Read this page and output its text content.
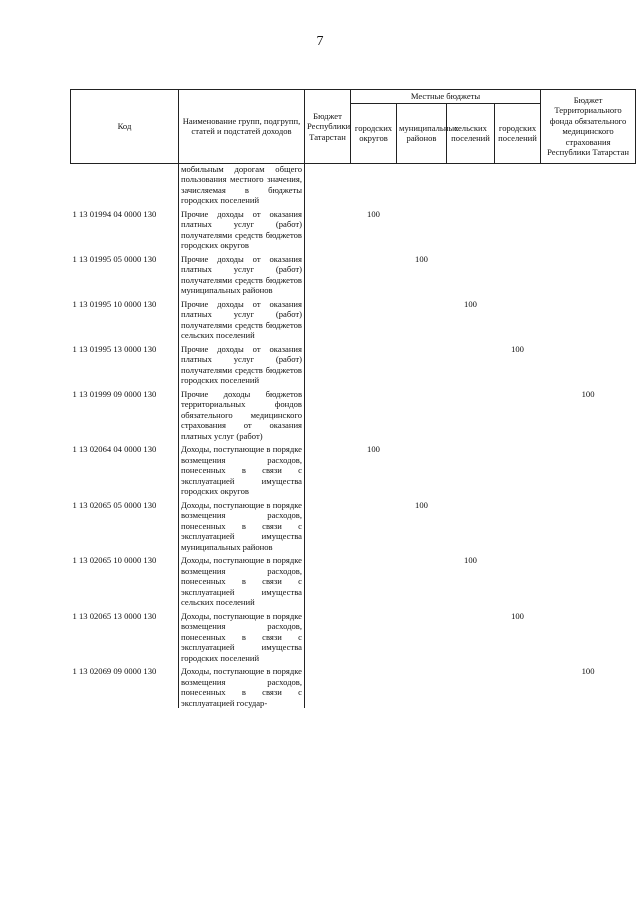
7
Код	Наименование групп, подгрупп, статей и подстатей доходов	Бюджет Республики Татарстан	Местные бюджеты				Бюджет Территориального фонда обязательного медицинского страхования Республики Татарстан
			городских округов	муниципальных районов	сельских поселений	городских поселений	
	мобильным дорогам общего пользования местного значения, зачисляемая в бюджеты городских поселений						
1 13 01994 04 0000 130	Прочие доходы от оказания платных услуг (работ) получателями средств бюджетов городских округов		100				
1 13 01995 05 0000 130	Прочие доходы от оказания платных услуг (работ) получателями средств бюджетов муниципальных районов			100			
1 13 01995 10 0000 130	Прочие доходы от оказания платных услуг (работ) получателями средств бюджетов сельских поселений				100		
1 13 01995 13 0000 130	Прочие доходы от оказания платных услуг (работ) получателями средств бюджетов городских поселений					100	
1 13 01999 09 0000 130	Прочие доходы бюджетов территориальных фондов обязательного медицинского страхования от оказания платных услуг (работ)						100
1 13 02064 04 0000 130	Доходы, поступающие в порядке возмещения расходов, понесенных в связи с эксплуатацией имущества городских округов		100				
1 13 02065 05 0000 130	Доходы, поступающие в порядке возмещения расходов, понесенных в связи с эксплуатацией имущества муниципальных районов			100			
1 13 02065 10 0000 130	Доходы, поступающие в порядке возмещения расходов, понесенных в связи с эксплуатацией имущества сельских поселений				100		
1 13 02065 13 0000 130	Доходы, поступающие в порядке возмещения расходов, понесенных в связи с эксплуатацией имущества городских поселений					100	
1 13 02069 09 0000 130	Доходы, поступающие в порядке возмещения расходов, понесенных в связи с эксплуатацией государ-						100
